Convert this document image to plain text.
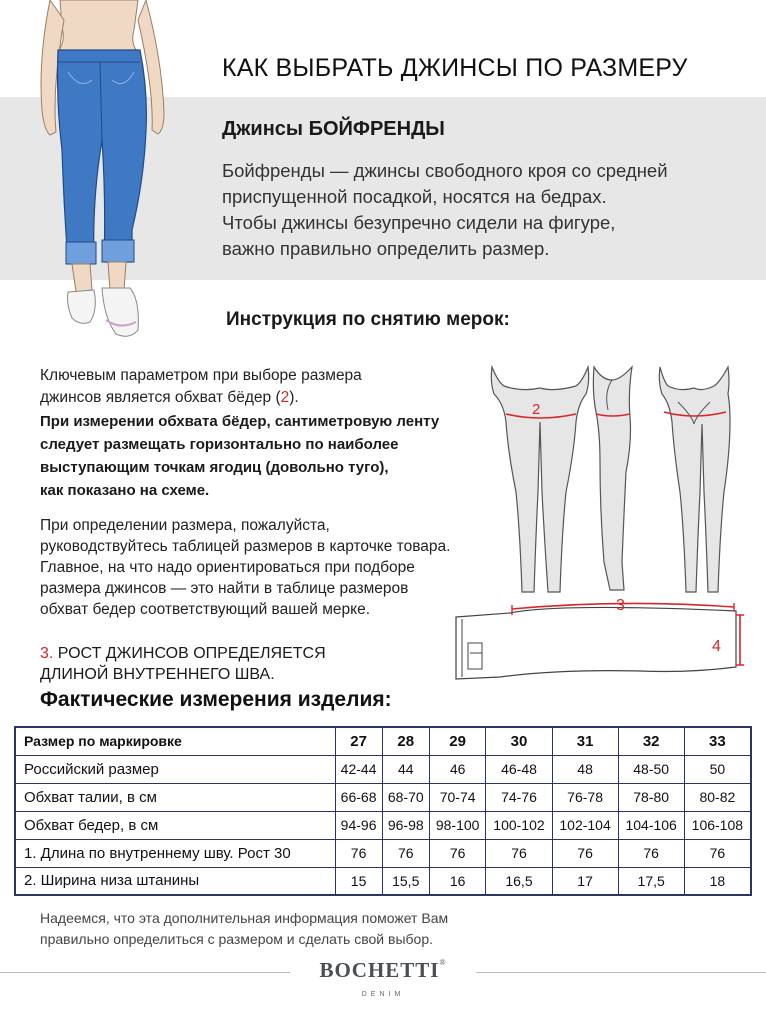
КАК ВЫБРАТЬ ДЖИНСЫ ПО РАЗМЕРУ
Джинсы БОЙФРЕНДЫ
Бойфренды — джинсы свободного кроя со средней
приспущенной посадкой, носятся на бедрах.
Чтобы джинсы безупречно сидели на фигуре,
важно правильно определить размер.
Инструкция по снятию мерок:
Ключевым параметром при выборе размера
джинсов является обхват бёдер (2).
При измерении обхвата бёдер, сантиметровую ленту
следует размещать горизонтально по наиболее
выступающим точкам ягодиц (довольно туго),
как показано на схеме.
При определении размера, пожалуйста,
руководствуйтесь таблицей размеров в карточке товара.
Главное, на что надо ориентироваться при подборе
размера джинсов — это найти в таблице размеров
обхват бедер соответствующий вашей мерке.
3. РОСТ ДЖИНСОВ ОПРЕДЕЛЯЕТСЯ
ДЛИНОЙ ВНУТРЕННЕГО ШВА.
2
3
4
Фактические измерения изделия:
Размер по маркировке	27	28	29	30	31	32	33
Российский размер	42-44	44	46	46-48	48	48-50	50
Обхват талии, в см	66-68	68-70	70-74	74-76	76-78	78-80	80-82
Обхват бедер, в см	94-96	96-98	98-100	100-102	102-104	104-106	106-108
1. Длина по внутреннему шву. Рост 30	76	76	76	76	76	76	76
2. Ширина низа штанины	15	15,5	16	16,5	17	17,5	18
Надеемся, что эта дополнительная информация поможет Вам
правильно определиться с размером и сделать свой выбор.
BOCHETTI®
DENIM
